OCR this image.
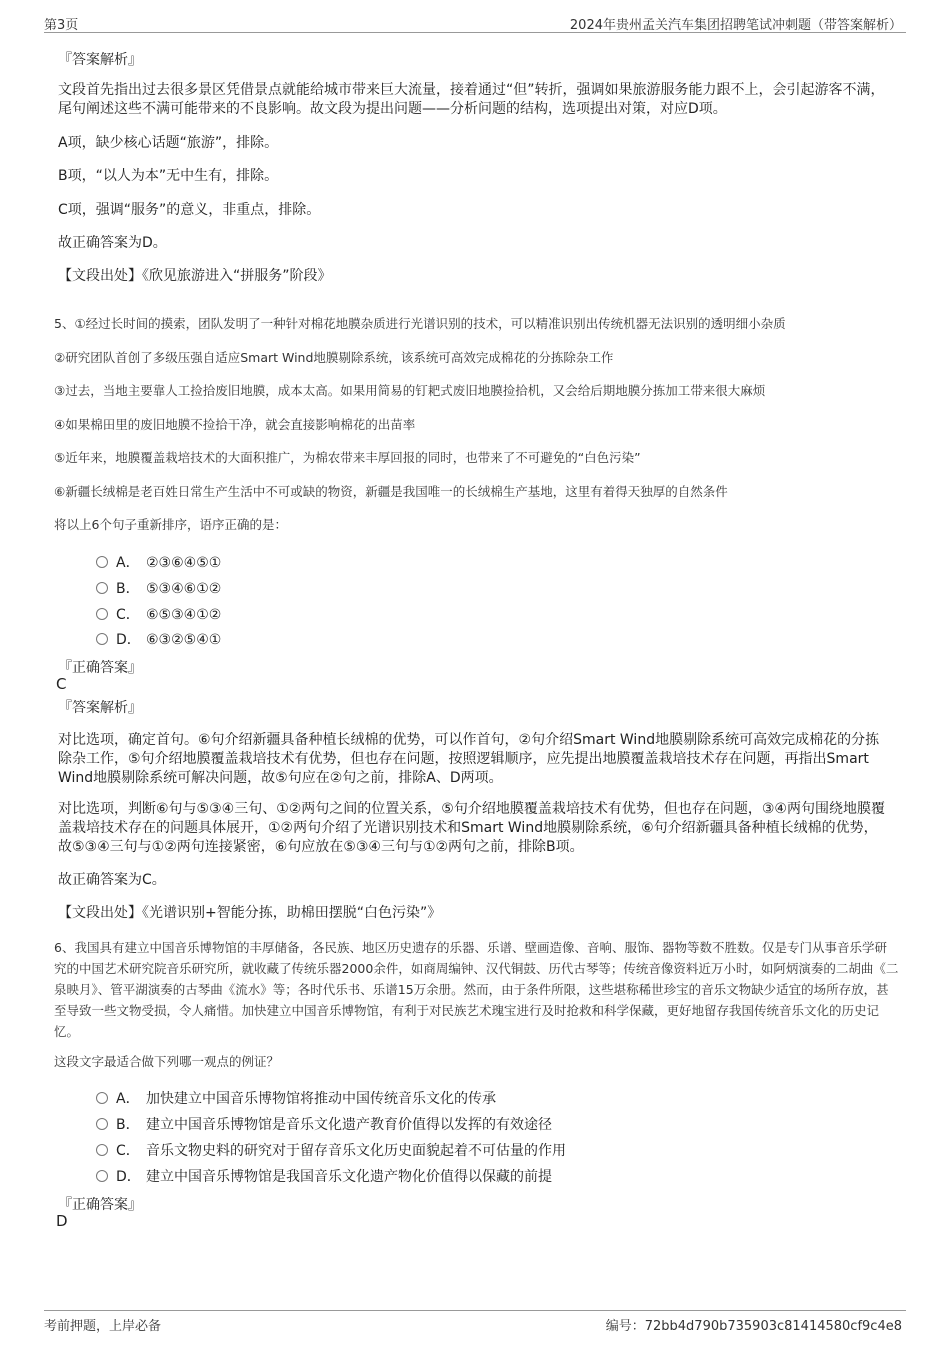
第3页	2024年贵州孟关汽车集团招聘笔试冲刺题（带答案解析）
『答案解析』
文段首先指出过去很多景区凭借景点就能给城市带来巨大流量，接着通过“但”转折，强调如果旅游服务能力跟不上，会引起游客不满，尾句阐述这些不满可能带来的不良影响。故文段为提出问题——分析问题的结构，选项提出对策，对应D项。
A项，缺少核心话题“旅游”，排除。
B项，“以人为本”无中生有，排除。
C项，强调“服务”的意义，非重点，排除。
故正确答案为D。
【文段出处】《欣见旅游进入“拼服务”阶段》
5、①经过长时间的摸索，团队发明了一种针对棉花地膜杂质进行光谱识别的技术，可以精准识别出传统机器无法识别的透明细小杂质
②研究团队首创了多级压强自适应Smart Wind地膜剔除系统，该系统可高效完成棉花的分拣除杂工作
③过去，当地主要靠人工捡拾废旧地膜，成本太高。如果用简易的钉耙式废旧地膜捡拾机，又会给后期地膜分拣加工带来很大麻烦
④如果棉田里的废旧地膜不捡拾干净，就会直接影响棉花的出苗率
⑤近年来，地膜覆盖栽培技术的大面积推广，为棉农带来丰厚回报的同时，也带来了不可避免的“白色污染”
⑥新疆长绒棉是老百姓日常生产生活中不可或缺的物资，新疆是我国唯一的长绒棉生产基地，这里有着得天独厚的自然条件
将以上6个句子重新排序，语序正确的是：
A． ②③⑥④⑤①
B． ⑤③④⑥①②
C． ⑥⑤③④①②
D． ⑥③②⑤④①
『正确答案』
C
『答案解析』
对比选项，确定首句。⑥句介绍新疆具备种植长绒棉的优势，可以作首句，②句介绍Smart Wind地膜剔除系统可高效完成棉花的分拣除杂工作，⑤句介绍地膜覆盖栽培技术有优势，但也存在问题，按照逻辑顺序，应先提出地膜覆盖栽培技术存在问题，再指出Smart Wind地膜剔除系统可解决问题，故⑤句应在②句之前，排除A、D两项。
对比选项，判断⑥句与⑤③④三句、①②两句之间的位置关系，⑤句介绍地膜覆盖栽培技术有优势，但也存在问题，③④两句围绕地膜覆盖栽培技术存在的问题具体展开，①②两句介绍了光谱识别技术和Smart Wind地膜剔除系统，⑥句介绍新疆具备种植长绒棉的优势，故⑤③④三句与①②两句连接紧密，⑥句应放在⑤③④三句与①②两句之前，排除B项。
故正确答案为C。
【文段出处】《光谱识别+智能分拣，助棉田摆脱“白色污染”》
6、我国具有建立中国音乐博物馆的丰厚储备，各民族、地区历史遗存的乐器、乐谱、壁画造像、音响、服饰、器物等数不胜数。仅是专门从事音乐学研究的中国艺术研究院音乐研究所，就收藏了传统乐器2000余件，如商周编钟、汉代铜鼓、历代古琴等；传统音像资料近万小时，如阿炳演奏的二胡曲《二泉映月》、管平湖演奏的古琴曲《流水》等；各时代乐书、乐谱15万余册。然而，由于条件所限，这些堪称稀世珍宝的音乐文物缺少适宜的场所存放，甚至导致一些文物受损，令人痛惜。加快建立中国音乐博物馆，有利于对民族艺术瑰宝进行及时抢救和科学保藏，更好地留存我国传统音乐文化的历史记忆。
这段文字最适合做下列哪一观点的例证？
A． 加快建立中国音乐博物馆将推动中国传统音乐文化的传承
B． 建立中国音乐博物馆是音乐文化遗产教育价值得以发挥的有效途径
C． 音乐文物史料的研究对于留存音乐文化历史面貌起着不可估量的作用
D． 建立中国音乐博物馆是我国音乐文化遗产物化价值得以保藏的前提
『正确答案』
D
考前押题，上岸必备	编号：72bb4d790b735903c81414580cf9c4e8
